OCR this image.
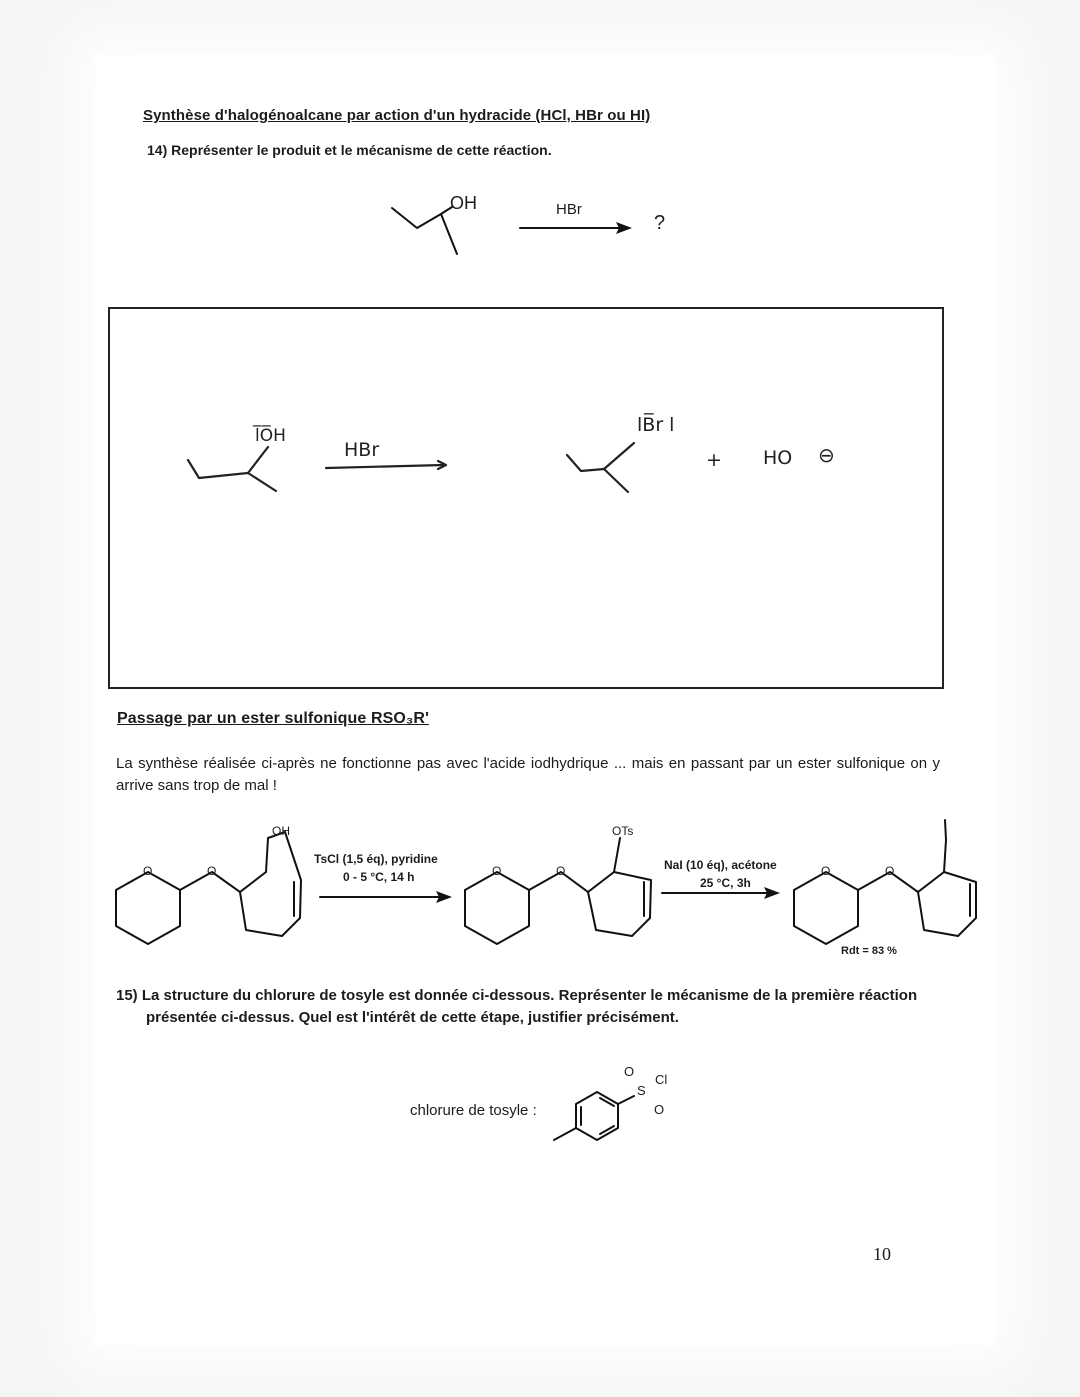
Synthèse d'halogénoalcane par action d'un hydracide (HCl, HBr ou HI)
14) Représenter le produit et le mécanisme de cette réaction.
OH	HBr
?
l̅O̅H
HBr
lB̅r l
+ HO ⊖
Passage par un ester sulfonique RSO₃R'
La synthèse réalisée ci-après ne fonctionne pas avec l'acide iodhydrique ... mais en passant par un ester sulfonique on y arrive sans trop de mal !
OH
O	O	O	O	O	O
OTs
TsCl (1,5 éq), pyridine
0 - 5 °C, 14 h
NaI (10 éq), acétone
25 °C, 3h
Rdt = 83 %
15) La structure du chlorure de tosyle est donnée ci-dessous. Représenter le mécanisme de la première réaction présentée ci-dessus. Quel est l'intérêt de cette étape, justifier précisément.
chlorure de tosyle :
O
S
Cl
O
10
